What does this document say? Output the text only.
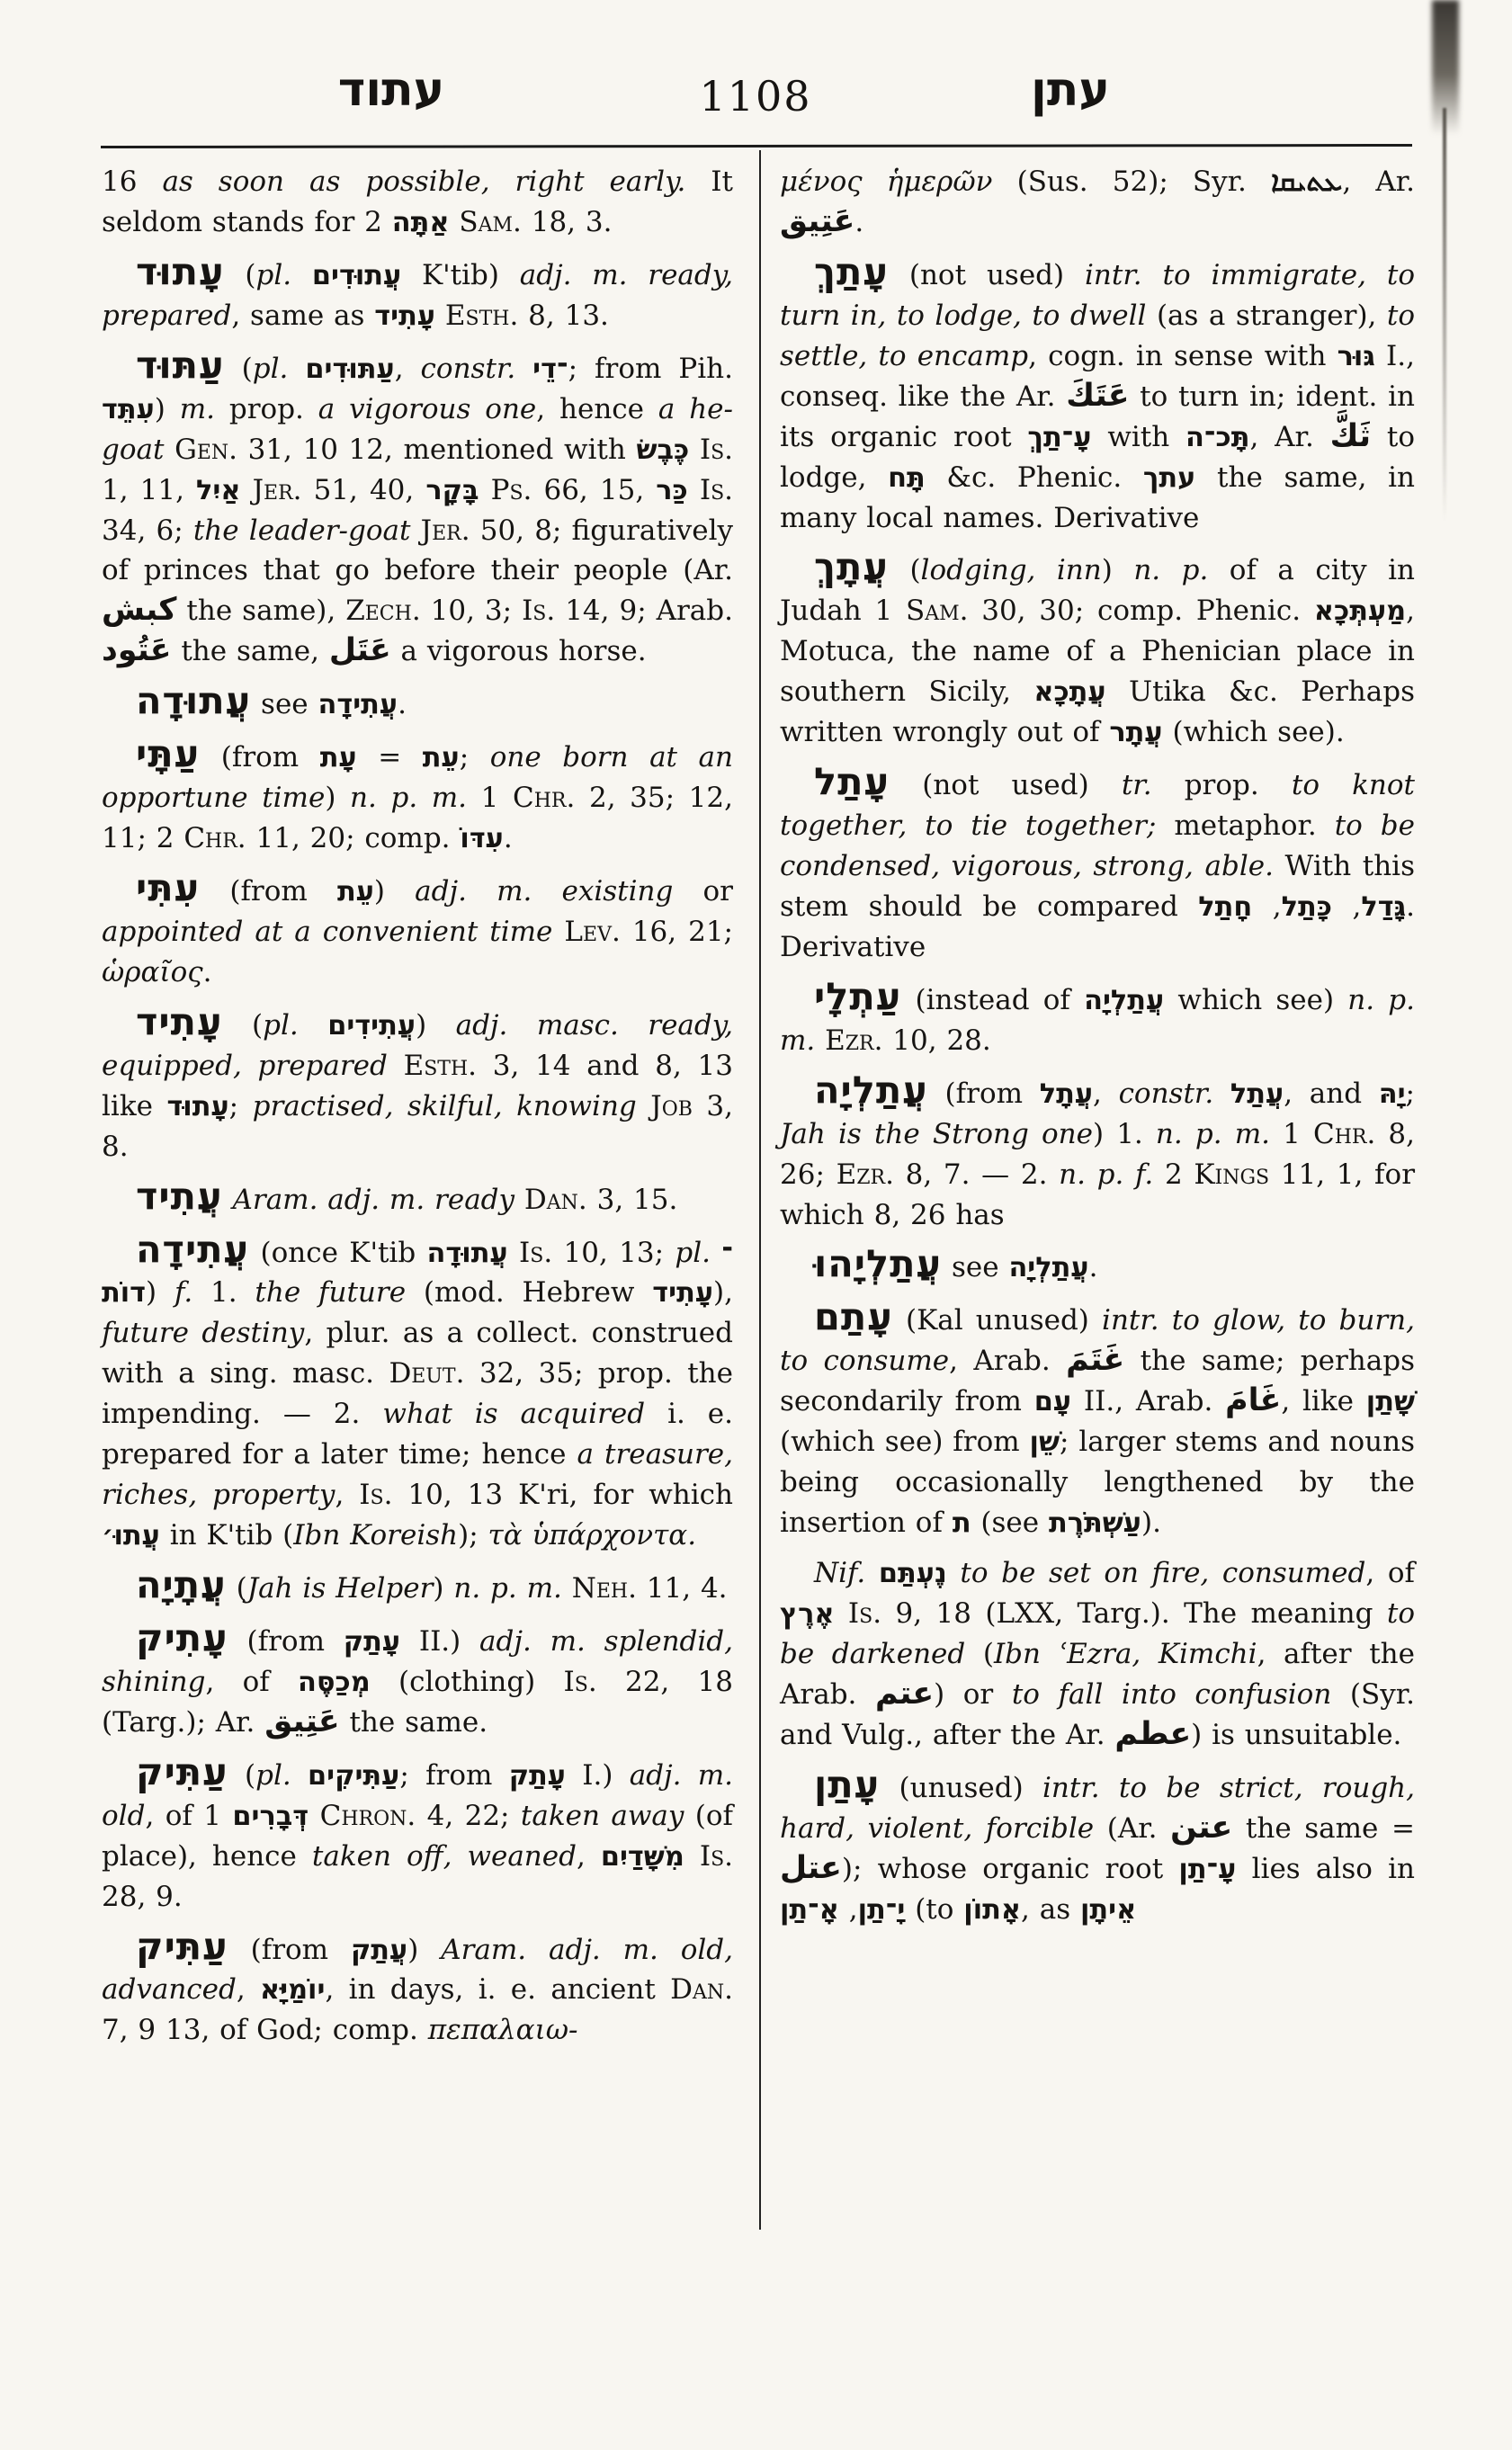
עתוד	1108	עתן

16 as soon as possible, right early. It seldom stands for אַתָּה 2 Sam. 18, 3.

עָתוּד (pl. עֲתוּדִים K'tib) adj. m. ready, prepared, same as עָתִיד Esth. 8, 13.

עַתּוּד (pl. עַתּוּדִים, constr. ־דֵי; from Pih. עִתֵּד) m. prop. a vigorous one, hence a he-goat Gen. 31, 10 12, mentioned with כֶּבֶשׂ Is. 1, 11, אַיִל Jer. 51, 40, בָּקָר Ps. 66, 15, כַּר Is. 34, 6; the leader-goat Jer. 50, 8; figuratively of princes that go before their people (Ar. كبش the same), Zech. 10, 3; Is. 14, 9; Arab. عَتُود the same, عَتَل a vigorous horse.

עֲתוּדָה see עֲתִידָה.

עַתָּי (from	עֵת = עָת	; one born at an opportune time) n. p. m. 1 Chr. 2, 35; 12, 11; 2 Chr. 11, 20; comp. עִדּוֹ.

עִתִּי (from עֵת) adj. m. existing or appointed at a convenient time Lev. 16, 21; ὡραῖος.

עָתִיד (pl. עֲתִידִים) adj. masc. ready, equipped, prepared Esth. 3, 14 and 8, 13 like עָתוּד; practised, skilful, knowing Job 3, 8.

עֲתִיד Aram. adj. m. ready Dan. 3, 15.

עֲתִידָה (once K'tib עֲתוּדָה Is. 10, 13; pl. ־דוֹת) f. 1. the future (mod. Hebrew עָתִיד), future destiny, plur. as a collect. construed with a sing. masc. Deut. 32, 35; prop. the impending. — 2. what is acquired i. e. prepared for a later time; hence a treasure, riches, property, Is. 10, 13 K'ri, for which עֲתוּ׳ in K'tib (Ibn Koreish); τὰ ὑπάρχοντα.

עֲתָיָה (Jah is Helper) n. p. m. Neh. 11, 4.

עָתִיק (from עָתַק II.) adj. m. splendid, shining, of מְכַסֶּה (clothing) Is. 22, 18 (Targ.); Ar. عَتِيق the same.

עַתִּיק (pl. עַתִּיקִים; from עָתַק I.) adj. m. old, of דְּבָרִים 1 Chron. 4, 22; taken away (of place), hence taken off, weaned, מִשָּׁדַיִם Is. 28, 9.

עַתִּיק (from עֲתַק) Aram. adj. m. old, advanced, יוֹמַיָּא, in days, i. e. ancient Dan. 7, 9 13, of God; comp. πεπαλαιω-

μένος ἡμερῶν (Sus. 52); Syr. ܥܬܝܩܐ, Ar. عَتِيق.

עָתַךְ (not used) intr. to immigrate, to turn in, to lodge, to dwell (as a stranger), to settle, to encamp, cogn. in sense with גּוּר I., conseq. like the Ar. عَتَكَ to turn in; ident. in its organic root עָ־תַךְ with תָּכ־ה, Ar. ثَكَّ to lodge, תָּח &c. Phenic. עתך the same, in many local names. Derivative

עֲתָךְ (lodging, inn) n. p. of a city in Judah 1 Sam. 30, 30; comp. Phenic. מַעְתְּכָא, Motuca, the name of a Phenician place in southern Sicily, עֲתָכָא Utika &c. Perhaps written wrongly out of עֲתָר (which see).

עָתַל (not used) tr. prop. to knot together, to tie together; metaphor. to be condensed, vigorous, strong, able. With this stem should be compared	גָּדַל, כָּתַל, חָתַל	. Derivative

עַתְלָי (instead of עֲתַלְיָה which see) n. p. m. Ezr. 10, 28.

עֲתַלְיָה (from עֲתָל, constr. עֲתַל, and יָהּ; Jah is the Strong one) 1. n. p. m. 1 Chr. 8, 26; Ezr. 8, 7. — 2. n. p. f. 2 Kings 11, 1, for which 8, 26 has

עֲתַלְיָהוּ see עֲתַלְיָה.

עָתַם (Kal unused) intr. to glow, to burn, to consume, Arab. غَتَمَ the same; perhaps secondarily from עָם II., Arab. غَامَ, like שָׁתַן (which see) from שֵׁן; larger stems and nouns being occasionally lengthened by the insertion of ת (see עַשְׁתֹּרֶת).

Nif. נֶעְתַּם to be set on fire, consumed, of אֶרֶץ Is. 9, 18 (LXX, Targ.). The meaning to be darkened (Ibn ʿEzra, Kimchi, after the Arab. عتم) or to fall into confusion (Syr. and Vulg., after the Ar. عطم) is unsuitable.

עָתַן (unused) intr. to be strict, rough, hard, violent, forcible (Ar. عتن the same = عتل); whose organic root עָ־תַן lies also in יָ־תַן, אָ־תַן (to אָתוֹן, as אֵיתָן
